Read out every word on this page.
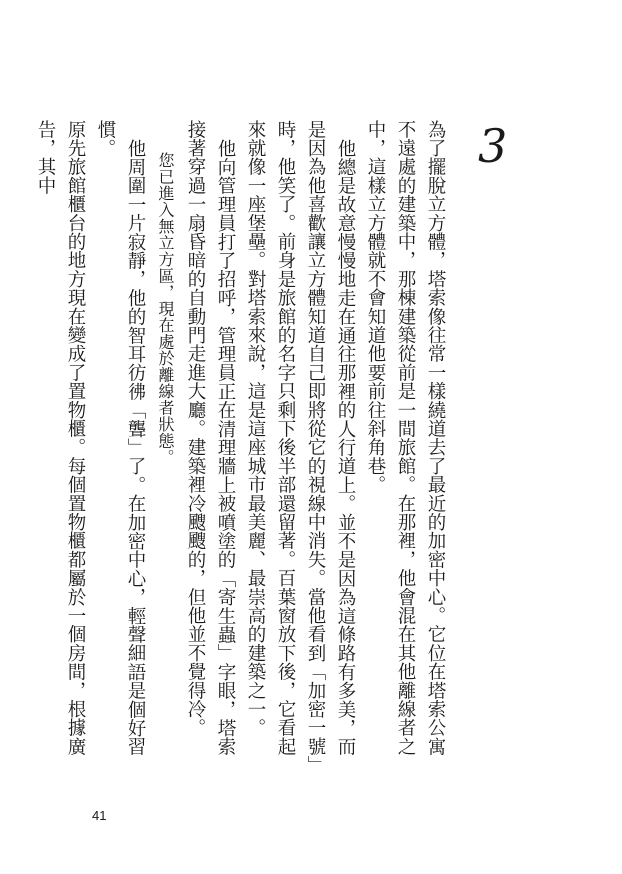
3

為了擺脫立方體，塔索像往常一樣繞道去了最近的加密中心。它位在塔索公寓不遠處的建築中，那棟建築從前是一間旅館。在那裡，他會混在其他離線者之中，這樣立方體就不會知道他要前往斜角巷。

他總是故意慢慢地走在通往那裡的人行道上。並不是因為這條路有多美，而是因為他喜歡讓立方體知道自己即將從它的視線中消失。當他看到「加密一號」時，他笑了。前身是旅館的名字只剩下後半部還留著。百葉窗放下後，它看起來就像一座堡壘。對塔索來說，這是這座城市最美麗、最崇高的建築之一。

他向管理員打了招呼，管理員正在清理牆上被噴塗的「寄生蟲」字眼，塔索接著穿過一扇昏暗的自動門走進大廳。建築裡冷颼颼的，但他並不覺得冷。

您已進入無立方區，現在處於離線者狀態。

他周圍一片寂靜，他的智耳彷彿「聾」了。在加密中心，輕聲細語是個好習慣。

原先旅館櫃台的地方現在變成了置物櫃。每個置物櫃都屬於一個房間，根據廣告，其中

41
